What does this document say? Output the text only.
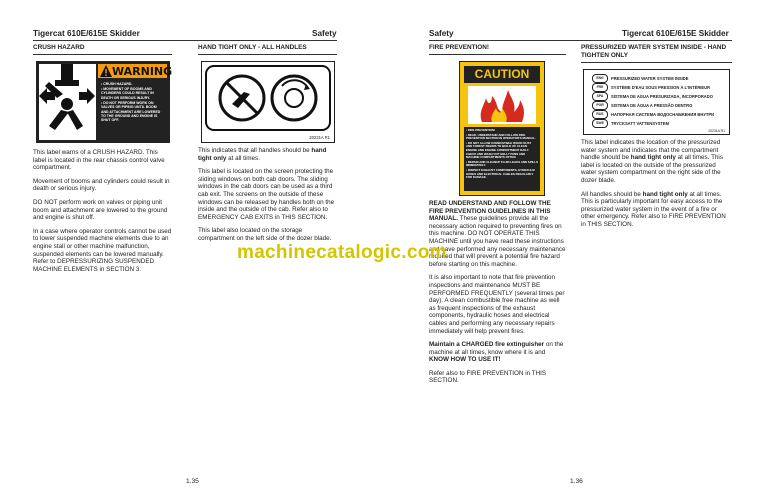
Tigercat 610E/615E Skidder	Safety
CRUSH HAZARD
WARNING
• CRUSH HAZARD.
• MOVEMENT OF BOOMS AND CYLINDERS COULD RESULT IN DEATH OR SERIOUS INJURY.
• DO NOT PERFORM WORK ON VALVES OR PIPING UNTIL BOOM AND ATTACHMENT ARE LOWERED TO THE GROUND AND ENGINE IS SHUT OFF.

This label warns of a CRUSH HAZARD. This label is located in the rear chassis control valve compartment.

Movement of booms and cylinders could result in death or serious injury.

DO NOT perform work on valves or piping unit boom and attachment are lowered to the ground and engine is shut off.

In a case where operator controls cannot be used to lower suspended machine elements due to an engine stall or other machine malfunction, suspended elements can be lowered manually. Refer to DEPRESSURIZING SUSPENDED MACHINE ELEMENTS in SECTION 3.

HAND TIGHT ONLY - ALL HANDLES
20231A R1

This indicates that all handles should be hand tight only at all times.

This label is located on the screen protecting the sliding windows on both cab doors. The sliding windows in the cab doors can be used as a third cab exit. The screens on the outside of these windows can be released by handles both on the inside and the outside of the cab. Refer also to EMERGENCY CAB EXITS in THIS SECTION.

This label also located on the storage compartment on the left side of the dozer blade.

1.35
Safety	Tigercat 610E/615E Skidder
FIRE PREVENTION!
CAUTION
• FIRE PREVENTION!
• READ, UNDERSTAND AND FOLLOW FIRE PREVENTION SECTION IN OPERATOR'S MANUAL.
• DO NOT ALLOW COMBUSTIBLE WOOD DUST AND FOREST DEBRIS TO BUILD UP. CLEAN ENGINE AND ENGINE COMPARTMENT DAILY. CHECK AND WASH OUT BELLY PANS AND MACHINE COMPARTMENTS OFTEN.
• REPAIR AND CLEANUP FLUID LEAKS AND SPILLS IMMEDIATELY.
• INSPECT EXHAUST COMPONENTS, HYDRAULIC HOSES AND ELECTRICAL CABLES REGULARLY FOR DAMAGE.

READ UNDERSTAND AND FOLLOW THE FIRE PREVENTION GUIDELINES IN THIS MANUAL. These guidelines provide all the necessary action required to preventing fires on this machine. DO NOT OPERATE THIS MACHINE until you have read these instructions and have performed any necessary maintenance required that will prevent a potential fire hazard before starting on this machine.

It is also important to note that fire prevention inspections and maintenance MUST BE PERFORMED FREQUENTLY (several times per day). A clean combustible free machine as well as frequent inspections of the exhaust components, hydraulic hoses and electrical cables and performing any necessary repairs immediately will help prevent fires.

Maintain a CHARGED fire extinguisher on the machine at all times, know where it is and KNOW HOW TO USE IT!

Refer also to FIRE PREVENTION in THIS SECTION.

PRESSURIZED WATER SYSTEM INSIDE - HAND TIGHTEN ONLY
ENG PRESSURIZED WATER SYSTEM INSIDE
FRE SYSTÈME D'EAU SOUS PRESSION À L'INTÉRIEUR
SPA SISTEMA DE AGUA PRESURIZADA, INCORPORADO
POR SISTEMA DE ÁGUA A PRESSÃO DENTRO
RUS НАПОРНАЯ СИСТЕМА ВОДОСНАБЖЕНИЯ ВНУТРИ
SWE TRYCKSATT VATTENSYSTEM
20231A R1

This label indicates the location of the pressurized water system and indicates that the compartment handle should be hand tight only at all times. This label is located on the outside of the pressurized water system compartment on the right side of the dozer blade.

All handles should be hand tight only at all times. This is particularly important for easy access to the pressurized water system in the event of a fire or other emergency. Refer also to FIRE PREVENTION in THIS SECTION.

1.36
machinecatalogic.com
